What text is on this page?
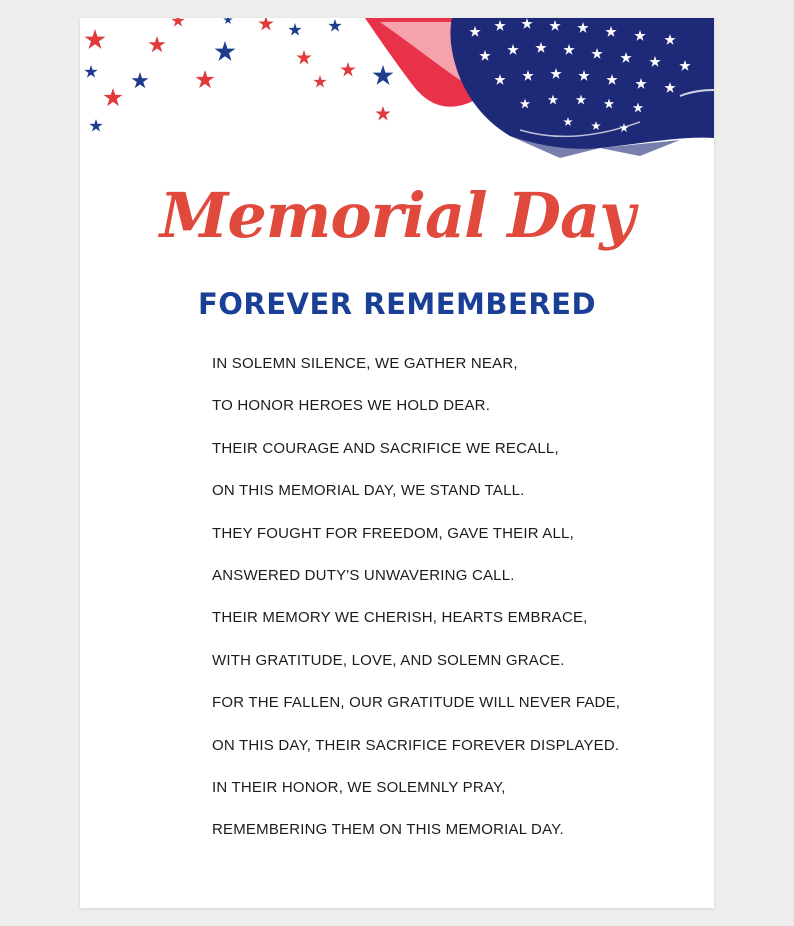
Memorial Day
FOREVER REMEMBERED
IN SOLEMN SILENCE, WE GATHER NEAR,
TO HONOR HEROES WE HOLD DEAR.
THEIR COURAGE AND SACRIFICE WE RECALL,
ON THIS MEMORIAL DAY, WE STAND TALL.
THEY FOUGHT FOR FREEDOM, GAVE THEIR ALL,
ANSWERED DUTY'S UNWAVERING CALL.
THEIR MEMORY WE CHERISH, HEARTS EMBRACE,
WITH GRATITUDE, LOVE, AND SOLEMN GRACE.
FOR THE FALLEN, OUR GRATITUDE WILL NEVER FADE,
ON THIS DAY, THEIR SACRIFICE FOREVER DISPLAYED.
IN THEIR HONOR, WE SOLEMNLY PRAY,
REMEMBERING THEM ON THIS MEMORIAL DAY.
